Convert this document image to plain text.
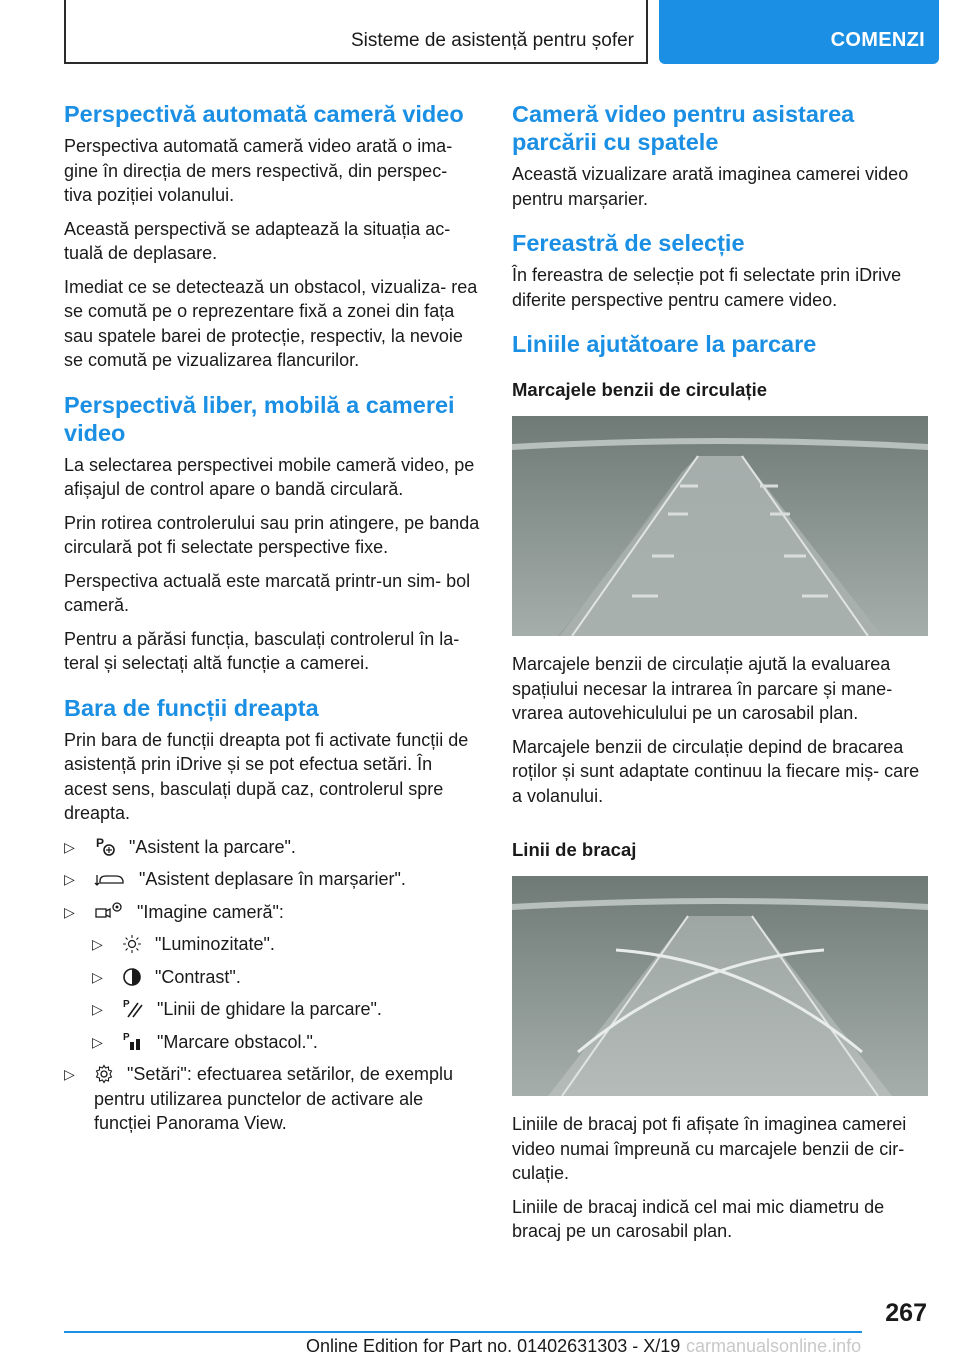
Sisteme de asistență pentru șofer	COMENZI
Perspectivă automată cameră video

Perspectiva automată cameră video arată o ima- gine în direcția de mers respectivă, din perspec- tiva poziției volanului.

Această perspectivă se adaptează la situația ac- tuală de deplasare.

Imediat ce se detectează un obstacol, vizualiza- rea se comută pe o reprezentare fixă a zonei din fața sau spatele barei de protecție, respectiv, la nevoie se comută pe vizualizarea flancurilor.

Perspectivă liber, mobilă a camerei video

La selectarea perspectivei mobile cameră video, pe afișajul de control apare o bandă circulară.

Prin rotirea controlerului sau prin atingere, pe banda circulară pot fi selectate perspective fixe.

Perspectiva actuală este marcată printr-un sim- bol cameră.

Pentru a părăsi funcția, basculați controlerul în la- teral și selectați altă funcție a camerei.

Bara de funcții dreapta

Prin bara de funcții dreapta pot fi activate funcții de asistență prin iDrive și se pot efectua setări. În acest sens, basculați după caz, controlerul spre dreapta.

▷ P "Asistent la parcare".
▷	"Asistent deplasare în marșarier".
▷	"Imagine cameră":
▷	"Luminozitate".
▷	"Contrast".
▷ P "Linii de ghidare la parcare".
▷ P "Marcare obstacol.".
▷	"Setări": efectuarea setărilor, de exemplu pentru utilizarea punctelor de activare ale funcției Panorama View.
Cameră video pentru asistarea parcării cu spatele

Această vizualizare arată imaginea camerei video pentru marșarier.

Fereastră de selecție

În fereastra de selecție pot fi selectate prin iDrive diferite perspective pentru camere video.

Liniile ajutătoare la parcare
Marcajele benzii de circulație

Marcajele benzii de circulație ajută la evaluarea spațiului necesar la intrarea în parcare și mane- vrarea autovehiculului pe un carosabil plan.

Marcajele benzii de circulație depind de bracarea roților și sunt adaptate continuu la fiecare miș- care a volanului.

Linii de bracaj

Liniile de bracaj pot fi afișate în imaginea camerei video numai împreună cu marcajele benzii de cir- culație.

Liniile de bracaj indică cel mai mic diametru de bracaj pe un carosabil plan.

267
Online Edition for Part no. 01402631303 - X/19 carmanualsonline.info
